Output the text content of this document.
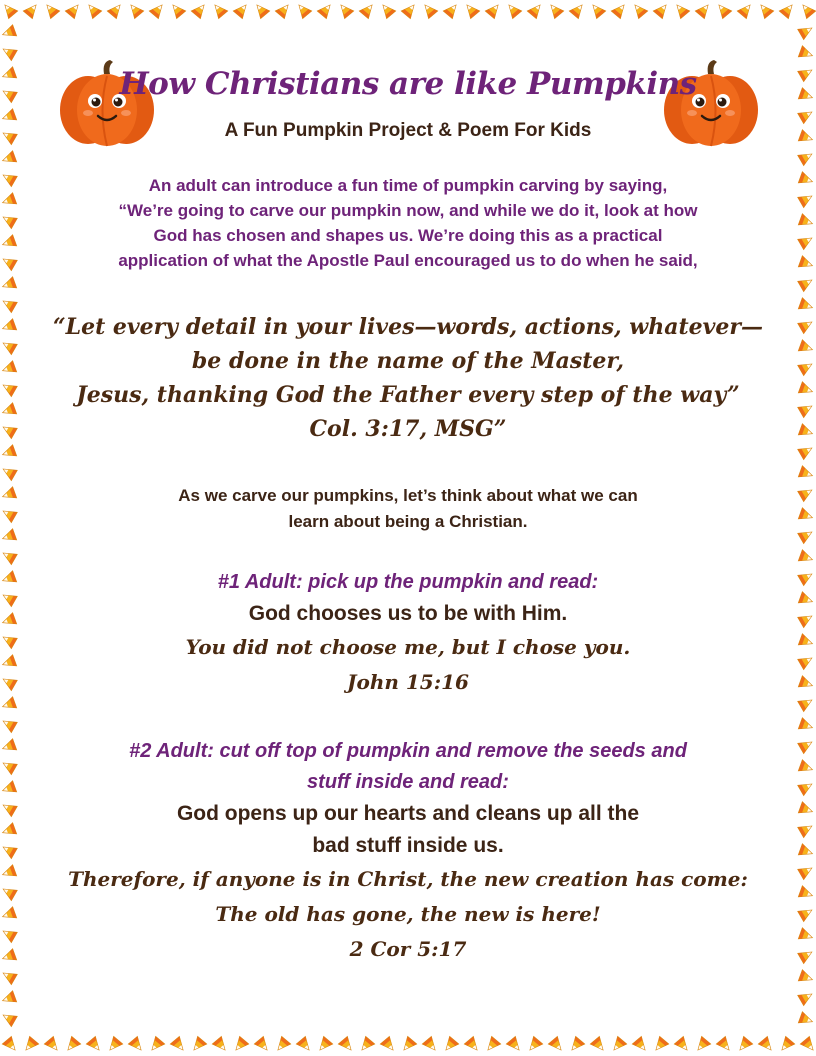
How Christians are like Pumpkins
A Fun Pumpkin Project & Poem For Kids
An adult can introduce a fun time of pumpkin carving by saying,
“We’re going to carve our pumpkin now, and while we do it, look at how
God has chosen and shapes us. We’re doing this as a practical
application of what the Apostle Paul encouraged us to do when he said,
“Let every detail in your lives—words, actions, whatever—
be done in the name of the Master,
Jesus, thanking God the Father every step of the way”
Col. 3:17, MSG”
As we carve our pumpkins, let’s think about what we can
learn about being a Christian.
#1 Adult: pick up the pumpkin and read:
God chooses us to be with Him.
You did not choose me, but I chose you.
John 15:16
#2 Adult: cut off top of pumpkin and remove the seeds and
stuff inside and read:
God opens up our hearts and cleans up all the
bad stuff inside us.
Therefore, if anyone is in Christ, the new creation has come:
The old has gone, the new is here!
2 Cor 5:17
